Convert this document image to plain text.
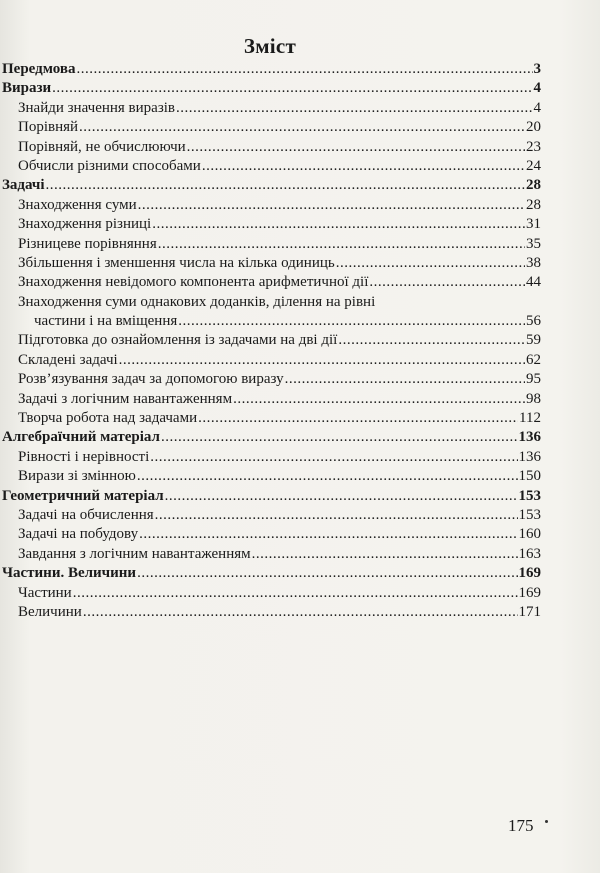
Зміст
Передмова .....	3
Вирази .....	4
Знайди значення виразів .....	4
Порівняй .....	20
Порівняй, не обчислюючи .....	23
Обчисли різними способами .....	24
Задачі .....	28
Знаходження суми .....	28
Знаходження різниці .....	31
Різницеве порівняння .....	35
Збільшення і зменшення числа на кілька одиниць .....	38
Знаходження невідомого компонента арифметичної дії .....	44
Знаходження суми однакових доданків, ділення на рівні
частини і на вміщення .....	56
Підготовка до ознайомлення із задачами на дві дії .....	59
Складені задачі .....	62
Розв’язування задач за допомогою виразу .....	95
Задачі з логічним навантаженням .....	98
Творча робота над задачами .....	112
Алгебраїчний матеріал .....	136
Рівності і нерівності .....	136
Вирази зі змінною .....	150
Геометричний матеріал .....	153
Задачі на обчислення .....	153
Задачі на побудову .....	160
Завдання з логічним навантаженням .....	163
Частини. Величини .....	169
Частини .....	169
Величини .....	171
175
